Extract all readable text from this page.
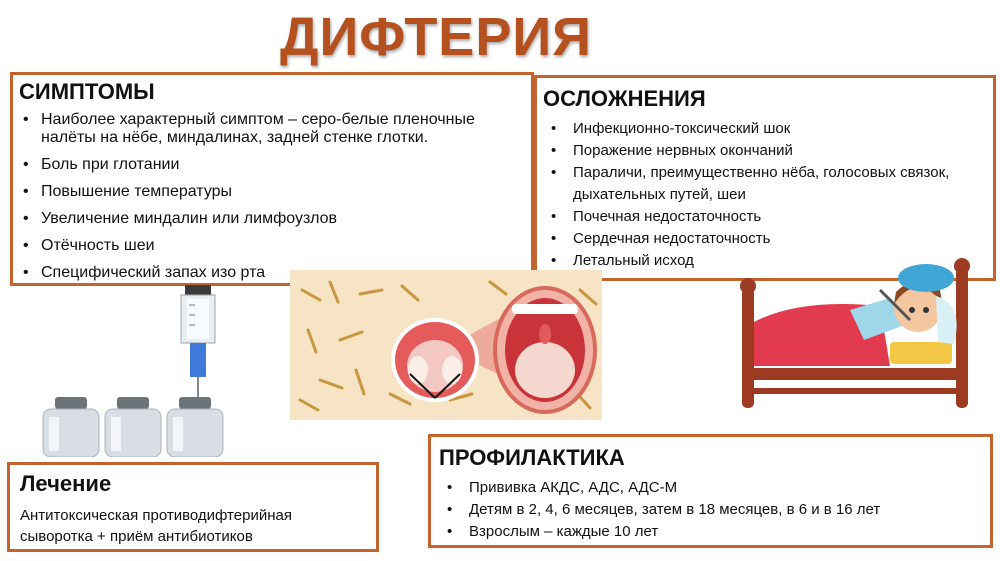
ДИФТЕРИЯ
СИМПТОМЫ
• Наиболее характерный симптом – серо-белые пленочные налёты на нёбе, миндалинах, задней стенке глотки.
• Боль при глотании
• Повышение температуры
• Увеличение миндалин или лимфоузлов
• Отёчность шеи
• Специфический запах изо рта
ОСЛОЖНЕНИЯ
• Инфекционно-токсический шок
• Поражение нервных окончаний
• Параличи, преимущественно нёба, голосовых связок, дыхательных путей, шеи
• Почечная недостаточность
• Сердечная недостаточность
• Летальный исход
Лечение

Антитоксическая противодифтерийная сыворотка + приём антибиотиков

ПРОФИЛАКТИКА
• Прививка АКДС, АДС, АДС-М
• Детям в 2, 4, 6 месяцев, затем в 18 месяцев, в 6 и в 16 лет
• Взрослым – каждые 10 лет
